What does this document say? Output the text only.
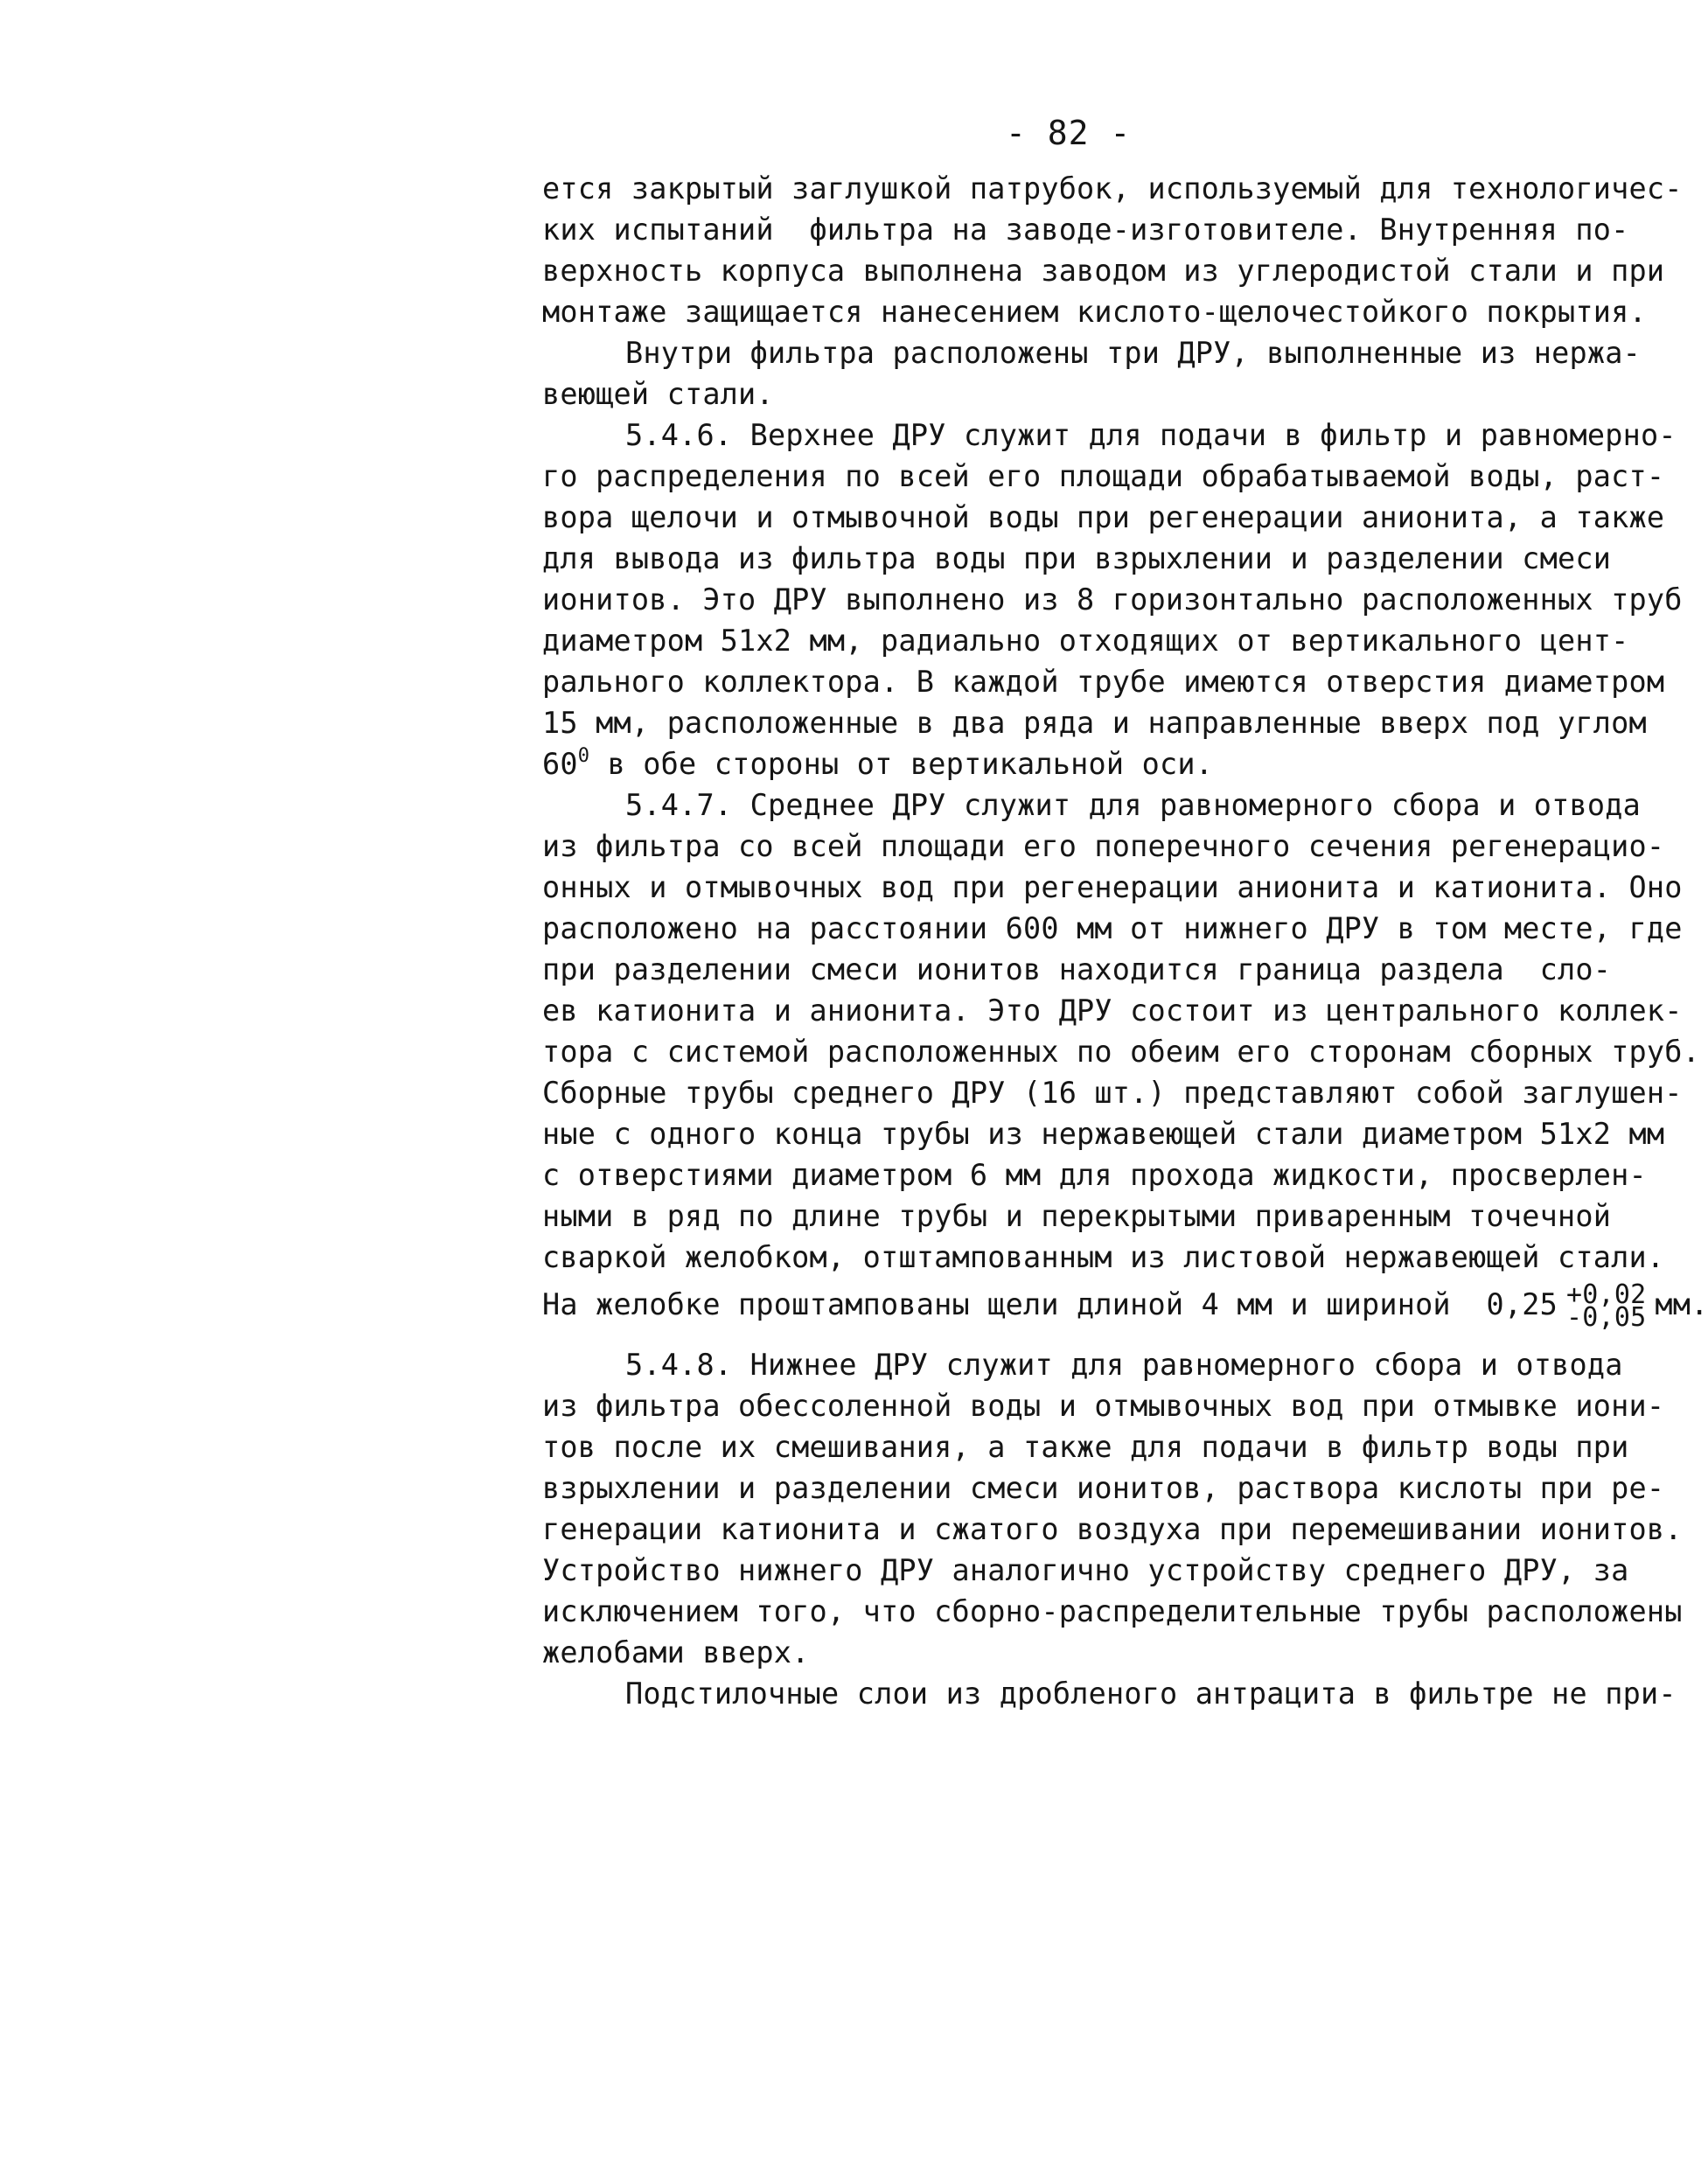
- 82 -
ется закрытый заглушкой патрубок, используемый для технологичес-
ких испытаний  фильтра на заводе-изготовителе. Внутренняя по-
верхность корпуса выполнена заводом из углеродистой стали и при
монтаже защищается нанесением кислото-щелочестойкого покрытия.
Внутри фильтра расположены три ДРУ, выполненные из нержа-
веющей стали.
5.4.6. Верхнее ДРУ служит для подачи в фильтр и равномерно-
го распределения по всей его площади обрабатываемой воды, раст-
вора щелочи и отмывочной воды при регенерации анионита, а также
для вывода из фильтра воды при взрыхлении и разделении смеси
ионитов. Это ДРУ выполнено из 8 горизонтально расположенных труб
диаметром 51х2 мм, радиально отходящих от вертикального цент-
рального коллектора. В каждой трубе имеются отверстия диаметром
15 мм, расположенные в два ряда и направленные вверх под углом
$60^0$ в обе стороны от вертикальной оси.
5.4.7. Среднее ДРУ служит для равномерного сбора и отвода
из фильтра со всей площади его поперечного сечения регенерацио-
онных и отмывочных вод при регенерации анионита и катионита. Оно
расположено на расстоянии 600 мм от нижнего ДРУ в том месте, где
при разделении смеси ионитов находится граница раздела  сло-
ев катионита и анионита. Это ДРУ состоит из центрального коллек-
тора с системой расположенных по обеим его сторонам сборных труб.
Сборные трубы среднего ДРУ (16 шт.) представляют собой заглушен-
ные с одного конца трубы из нержавеющей стали диаметром 51х2 мм
с отверстиями диаметром 6 мм для прохода жидкости, просверлен-
ными в ряд по длине трубы и перекрытыми приваренным точечной
сваркой желобком, отштампованным из листовой нержавеющей стали.
На желобке проштампованы щели длиной 4 мм и шириной  0,25 +0,02
-0,05 мм.
5.4.8. Нижнее ДРУ служит для равномерного сбора и отвода
из фильтра обессоленной воды и отмывочных вод при отмывке иони-
тов после их смешивания, а также для подачи в фильтр воды при
взрыхлении и разделении смеси ионитов, раствора кислоты при ре-
генерации катионита и сжатого воздуха при перемешивании ионитов.
Устройство нижнего ДРУ аналогично устройству среднего ДРУ, за
исключением того, что сборно-распределительные трубы расположены
желобами вверх.
Подстилочные слои из дробленого антрацита в фильтре не при-
